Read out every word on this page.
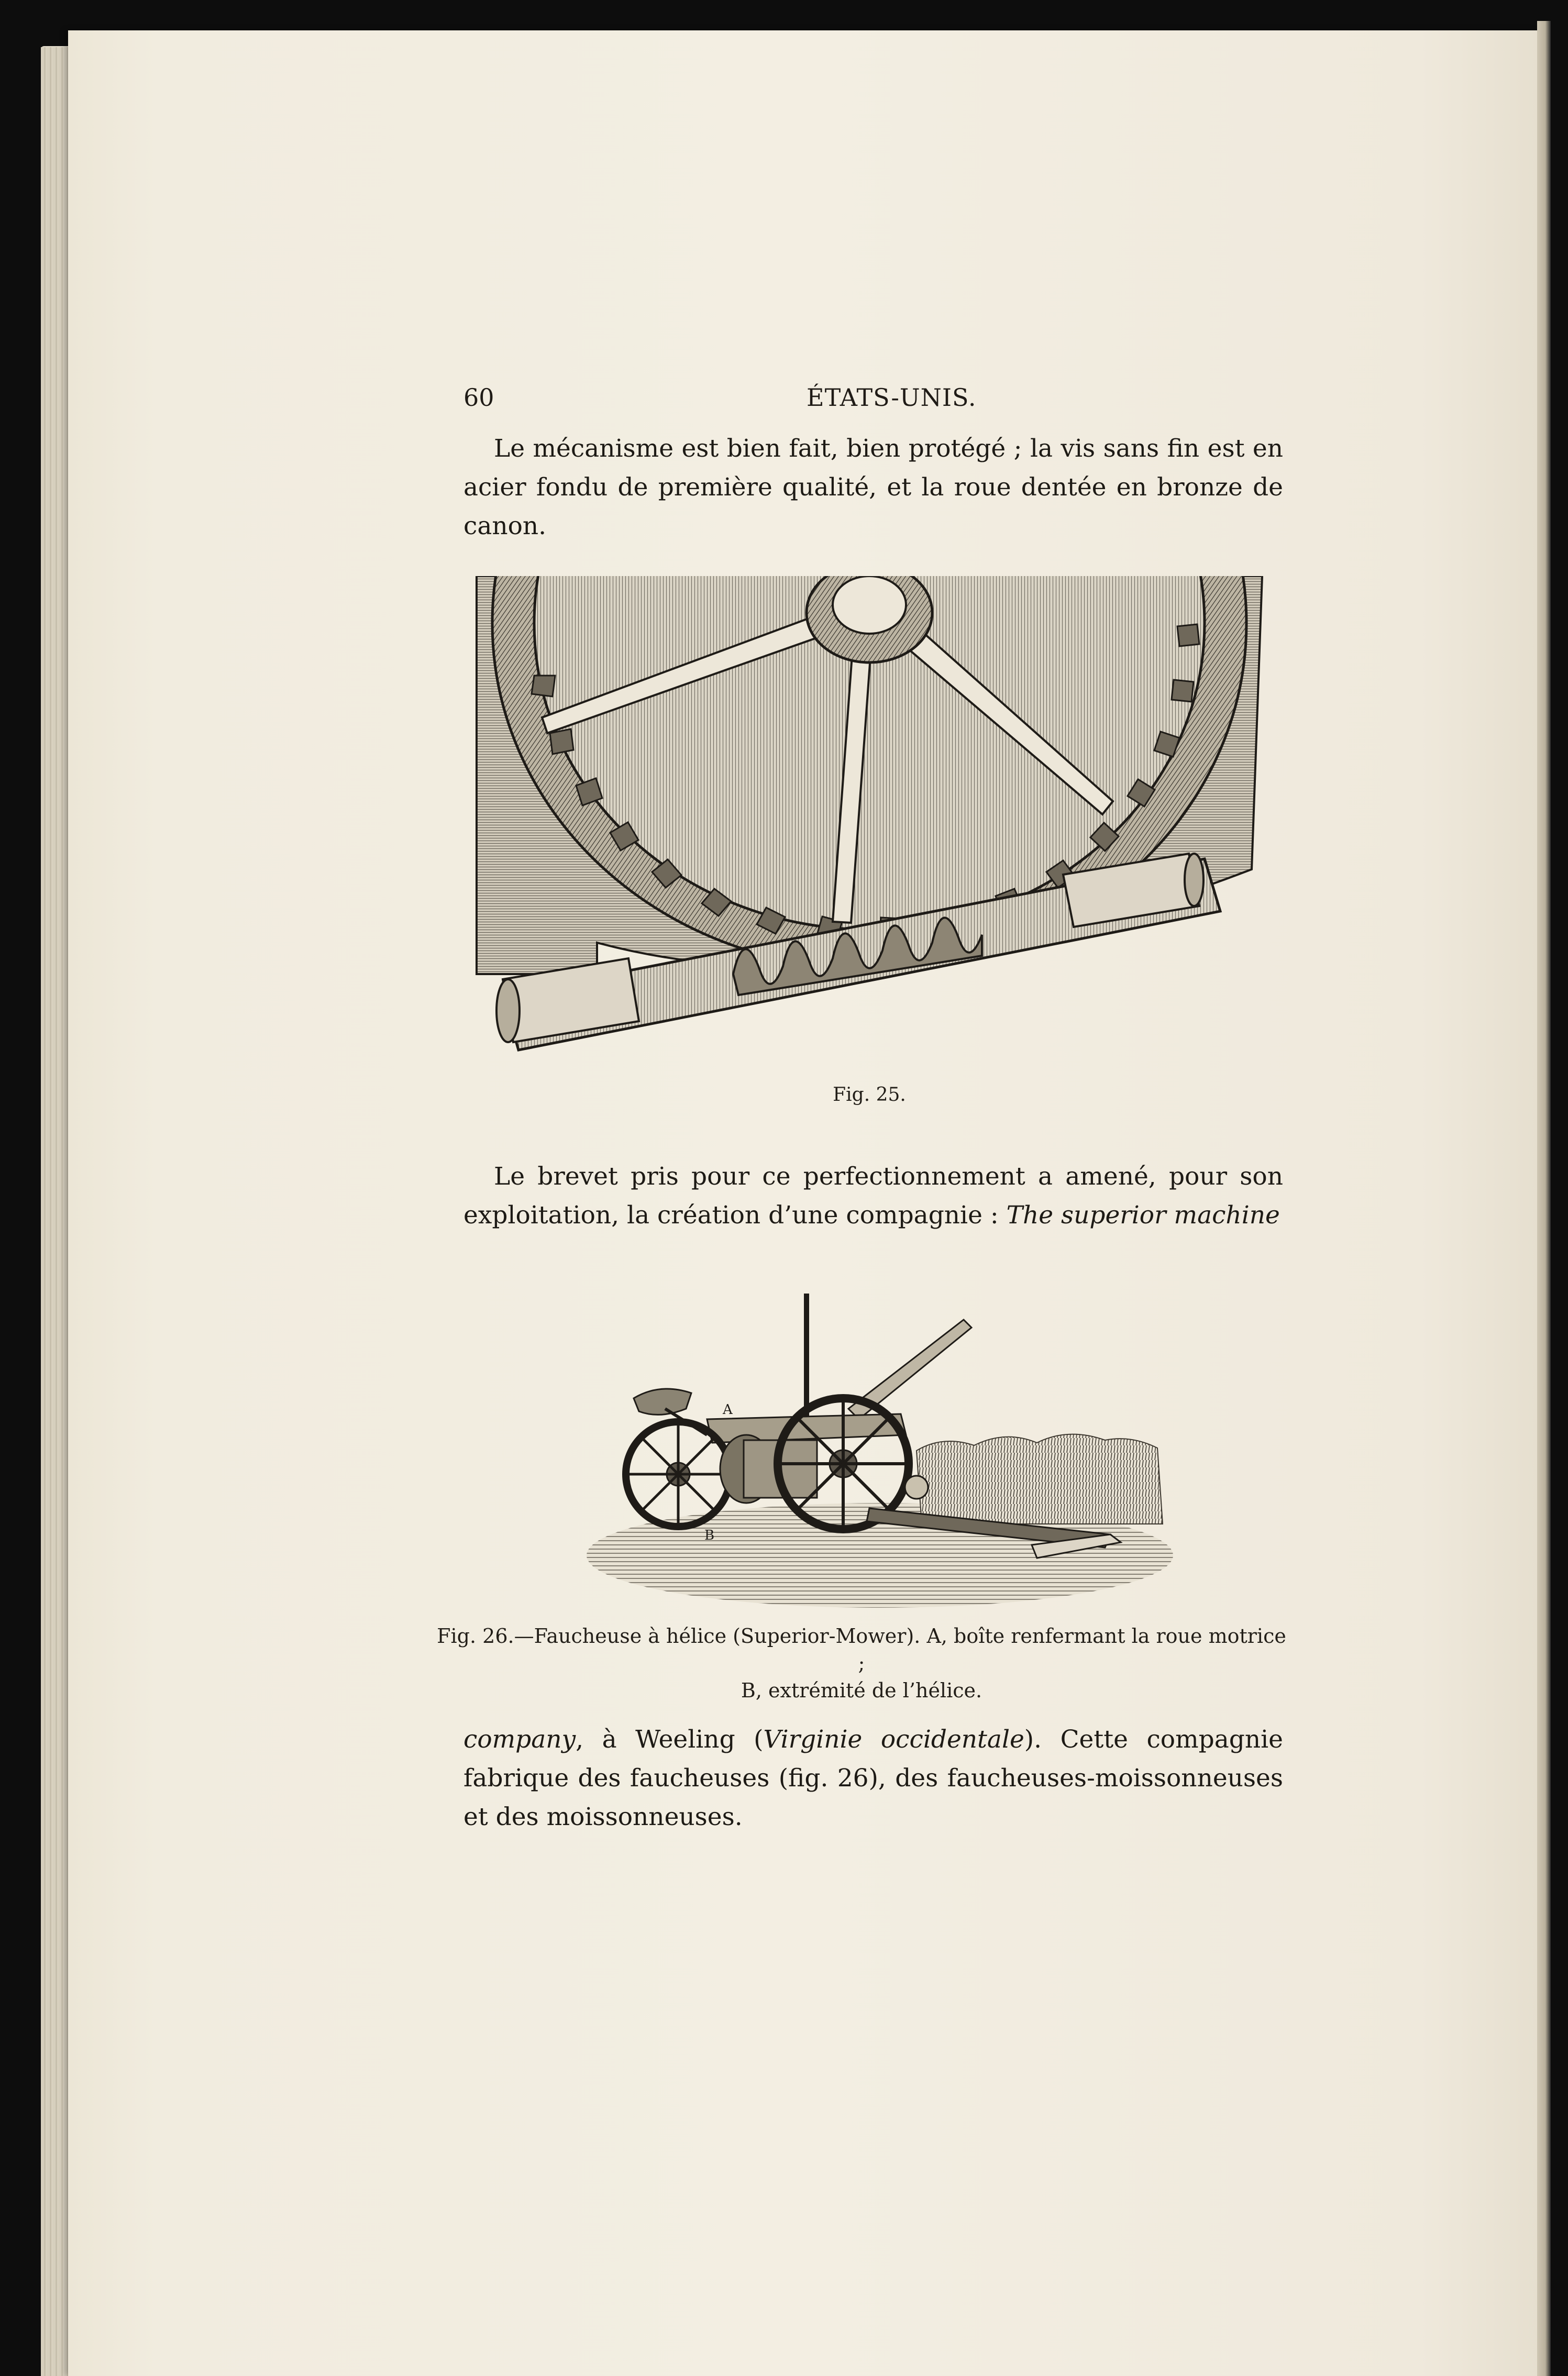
60	ÉTATS-UNIS.
Le mécanisme est bien fait, bien protégé ; la vis sans fin est en acier fondu de première qualité, et la roue dentée en bronze de canon.
Fig. 25.
Le brevet pris pour ce perfectionnement a amené, pour son exploitation, la création d’une compagnie : The superior machine
A
B
Fig. 26.—Faucheuse à hélice (Superior-Mower). A, boîte renfermant la roue motrice ;
B, extrémité de l’hélice.
company, à Weeling (Virginie occidentale). Cette compagnie fabrique des faucheuses (fig. 26), des faucheuses-moissonneuses et des moissonneuses.
